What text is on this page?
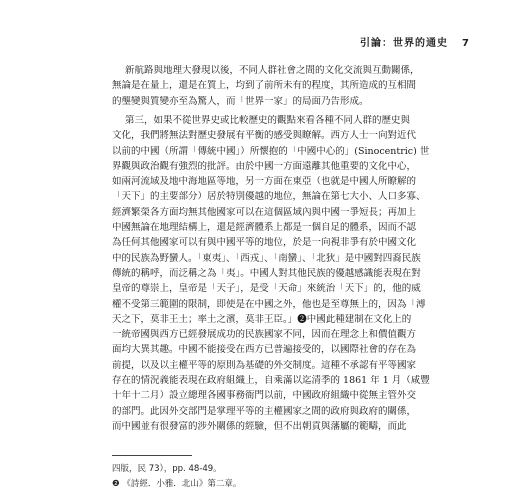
引論：世界的通史 7
新航路與地理大發現以後，不同人群社會之間的文化交流與互動關係，
無論是在量上，還是在質上，均到了前所未有的程度，其所造成的互相間
的壟變與質變亦至為驚人，而「世界一家」的局面乃告形成。
第三，如果不從世界史或比較歷史的觀點來看各種不同人群的歷史與
文化，我們將無法對歷史發展有平衡的感受與瞭解。西方人士一向對近代
以前的中國（所謂「傳統中國」）所懷抱的「中國中心的」(Sinocentric) 世
界觀與政治觀有強烈的批評。由於中國一方面遠離其他重要的文化中心，
如兩河流域及地中海地區等地，另一方面在東亞（也就是中國人所瞭解的
「天下」的主要部分）居於特別優越的地位，無論在第七大小、人口多寡、
經濟繁榮各方面均無其他國家可以在這個區域內與中國一爭短長；再加上
中國無論在地理結構上，還是經濟體系上都是一個自足的體系，因而不認
為任何其他國家可以有與中國平等的地位，於是一向視非爭有於中國文化
中的民族為野蠻人。「東夷」、「西戎」、「南蠻」、「北狄」是中國對四裔民族
傳統的稱呼，而泛稱之為「夷」。中國人對其他民族的優越感識能表現在對
皇帝的尊崇上，皇帝是「天子」，是受「天命」來統治「天下」的，他的威
權不受第三範圍的限制，即使是在中國之外，他也是至尊無上的，因為「溥
天之下，莫非王土；率土之濱，莫非王臣。」❷中國此種建制在文化上的
一統帝國與西方已經發展成功的民族國家不同，因而在理念上和價值觀方
面均大異其趣。中國不能接受在西方已普遍接受的，以國際社會的存在為
前提，以及以主權平等的原則為基礎的外交制度。這種不承認有平等國家
存在的情況義能表現在政府組織上，自乘滿以迄清季的 1861 年 1 月（咸豐
十年十二月）設立總理各國事務衙門以前，中國政府組織中從無主管外交
的部門。此因外交部門是掌理平等的主權國家之間的政府與政府的關係，
而中國並有很發富的涉外關係的經驗，但不出朝貢與藩屬的範疇，而此
四版，民 73），pp. 48-49。
❷ 《詩經．小雅．北山》第二章。
